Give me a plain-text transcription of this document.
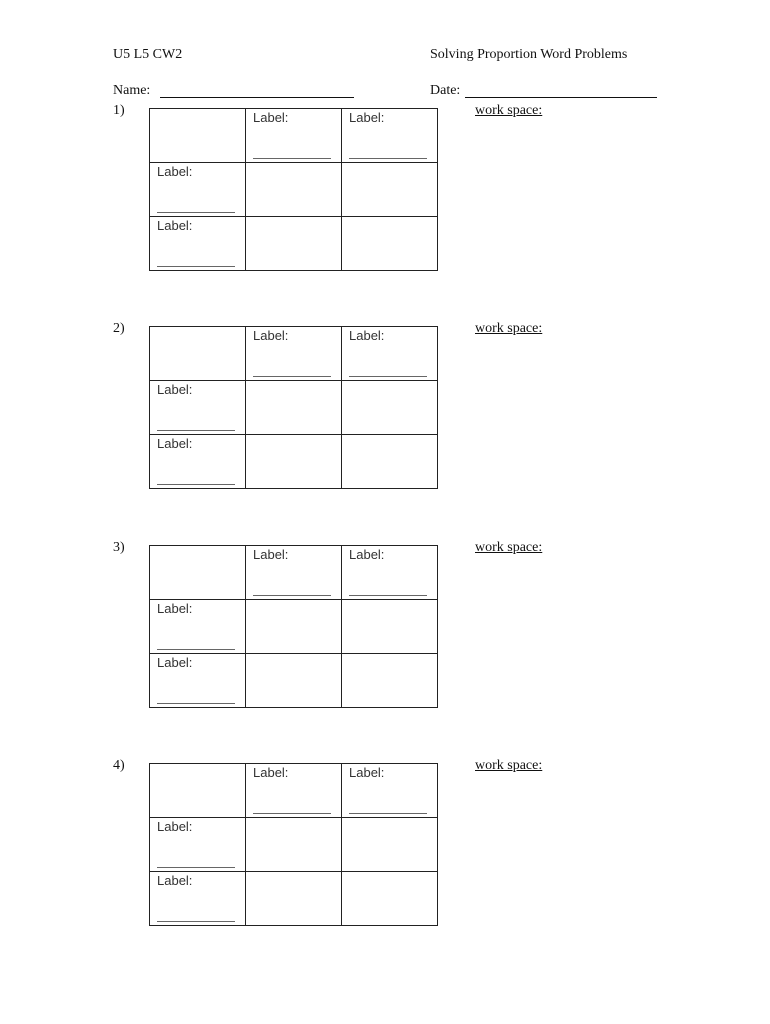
U5 L5 CW2	Solving Proportion Word Problems
Name:	Date:
1)	work space:

	Label:	Label:

Label:		

Label:		

2)	work space:

	Label:	Label:

Label:		

Label:		

3)	work space:

	Label:	Label:

Label:		

Label:		

4)	work space:

	Label:	Label:

Label:		

Label:		
